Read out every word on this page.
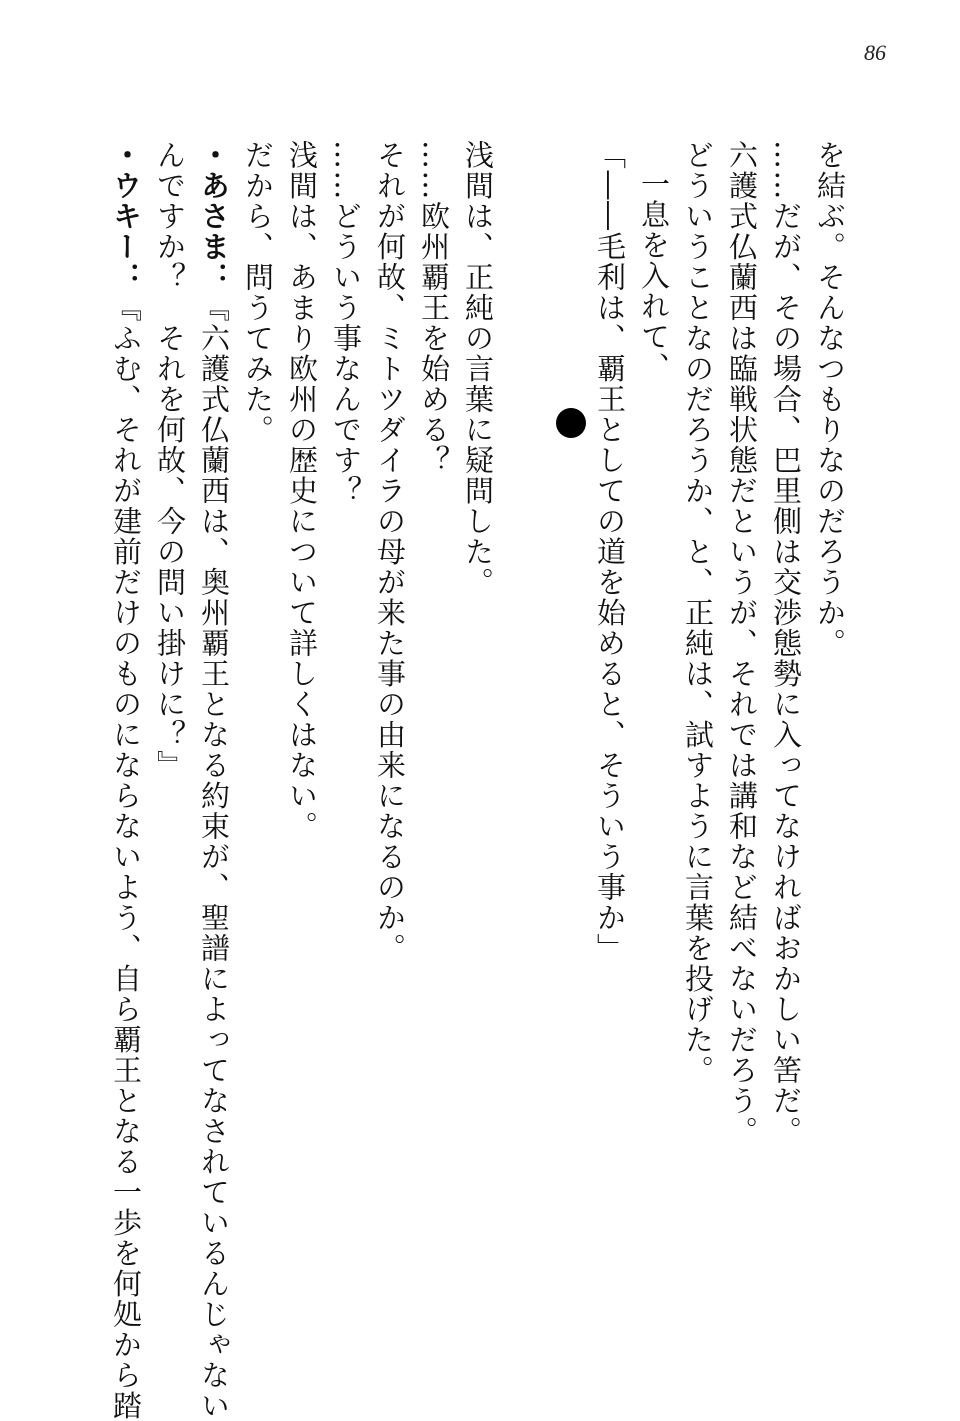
86
を結ぶ。そんなつもりなのだろうか。
……だが、その場合、巴里側は交渉態勢に入ってなければおかしい筈だ。
六護式仏蘭西は臨戦状態だというが、それでは講和など結べないだろう。
どういうことなのだろうか、と、正純は、試すように言葉を投げた。
一息を入れて、
「――毛利は、覇王としての道を始めると、そういう事か」
浅間は、正純の言葉に疑問した。
……欧州覇王を始める？
それが何故、ミトツダイラの母が来た事の由来になるのか。
……どういう事なんです？
浅間は、あまり欧州の歴史について詳しくはない。
だから、問うてみた。
・あさま：『六護式仏蘭西は、奥州覇王となる約束が、聖譜によってなされているんじゃない
んですか？　それを何故、今の問い掛けに？』
・ウキー：『ふむ、それが建前だけのものにならないよう、自ら覇王となる一歩を何処から踏
